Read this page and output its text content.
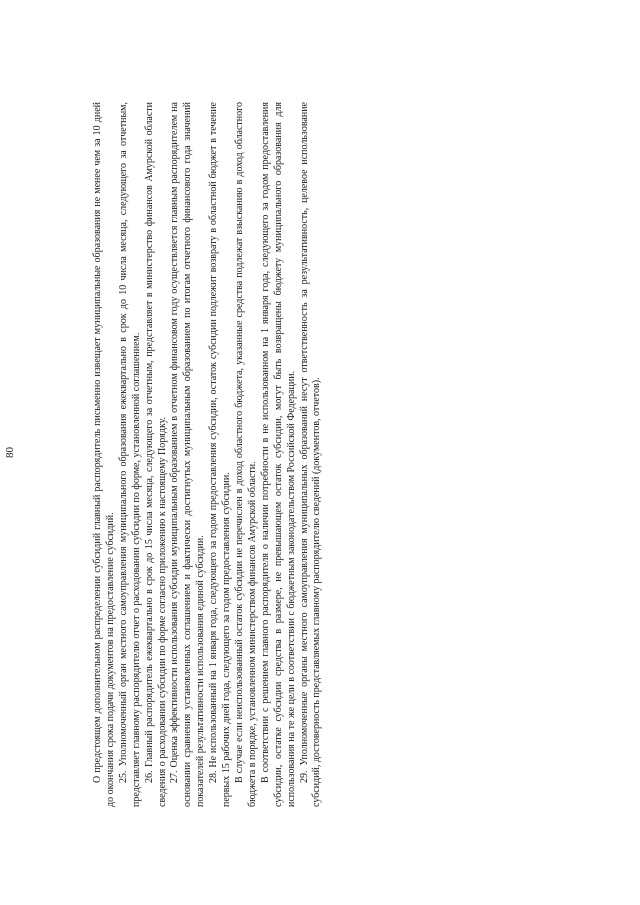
80	О предстоящем дополнительном распределении субсидий главный распорядитель письменно извещает муниципальные образования не менее чем за 10 дней до окончания срока подачи документов на предоставление субсидий. 25. Уполномоченный орган местного самоуправления муниципального образования ежеквартально в срок до 10 числа месяца, следующего за отчетным, представляет главному распорядителю отчет о расходовании субсидии по форме, установленной соглашением. 26. Главный распорядитель ежеквартально в срок до 15 числа месяца, следующего за отчетным, представляет в министерство финансов Амурской области сведения о расходовании субсидии по форме согласно приложению к настоящему Порядку. 27. Оценка эффективности использования субсидии муниципальным образованием в отчетном финансовом году осуществляется главным распорядителем на основании сравнения установленных соглашением и фактически достигнутых муниципальным образованием по итогам отчетного финансового года значений показателей результативности использования единой субсидии. 28. Не использованный на 1 января года, следующего за годом предоставления субсидии, остаток субсидии подлежит возврату в областной бюджет в течение первых 15 рабочих дней года, следующего за годом предоставления субсидии. В случае если неиспользованный остаток субсидии не перечислен в доход областного бюджета, указанные средства подлежат взысканию в доход областного бюджета в порядке, установленном министерством финансов Амурской области. В соответствии с решением главного распорядителя о наличии потребности в не использованном на 1 января года, следующего за годом предоставления субсидии, остатке субсидии средства в размере, не превышающем остаток субсидии, могут быть возвращены бюджету муниципального образования для использования на те же цели в соответствии с бюджетным законодательством Российской Федерации. 29. Уполномоченные органы местного самоуправления муниципальных образований несут ответственность за результативность, целевое использование субсидий, достоверность представляемых главному распорядителю сведений (документов, отчетов).
